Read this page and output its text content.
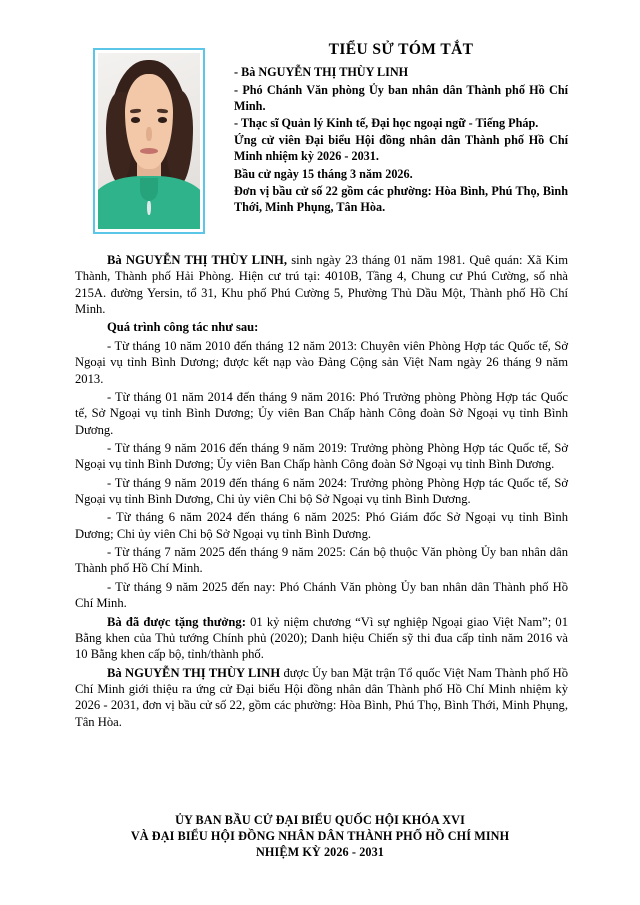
TIỂU SỬ TÓM TẮT

- Bà NGUYỄN THỊ THÙY LINH

- Phó Chánh Văn phòng Ủy ban nhân dân Thành phố Hồ Chí Minh.

- Thạc sĩ Quản lý Kinh tế, Đại học ngoại ngữ - Tiếng Pháp.

Ứng cử viên Đại biểu Hội đồng nhân dân Thành phố Hồ Chí Minh nhiệm kỳ 2026 - 2031.

Bầu cử ngày 15 tháng 3 năm 2026.

Đơn vị bầu cử số 22 gồm các phường: Hòa Bình, Phú Thọ, Bình Thới, Minh Phụng, Tân Hòa.

Bà NGUYỄN THỊ THÙY LINH, sinh ngày 23 tháng 01 năm 1981. Quê quán: Xã Kim Thành, Thành phố Hải Phòng. Hiện cư trú tại: 4010B, Tầng 4, Chung cư Phú Cường, số nhà 215A. đường Yersin, tổ 31, Khu phố Phú Cường 5, Phường Thủ Dầu Một, Thành phố Hồ Chí Minh.

Quá trình công tác như sau:

- Từ tháng 10 năm 2010 đến tháng 12 năm 2013: Chuyên viên Phòng Hợp tác Quốc tế, Sở Ngoại vụ tỉnh Bình Dương; được kết nạp vào Đảng Cộng sản Việt Nam ngày 26 tháng 9 năm 2013.

- Từ tháng 01 năm 2014 đến tháng 9 năm 2016: Phó Trưởng phòng Phòng Hợp tác Quốc tế, Sở Ngoại vụ tỉnh Bình Dương; Ủy viên Ban Chấp hành Công đoàn Sở Ngoại vụ tỉnh Bình Dương.

- Từ tháng 9 năm 2016 đến tháng 9 năm 2019: Trưởng phòng Phòng Hợp tác Quốc tế, Sở Ngoại vụ tỉnh Bình Dương; Ủy viên Ban Chấp hành Công đoàn Sở Ngoại vụ tỉnh Bình Dương.

- Từ tháng 9 năm 2019 đến tháng 6 năm 2024: Trưởng phòng Phòng Hợp tác Quốc tế, Sở Ngoại vụ tỉnh Bình Dương, Chi ủy viên Chi bộ Sở Ngoại vụ tỉnh Bình Dương.

- Từ tháng 6 năm 2024 đến tháng 6 năm 2025: Phó Giám đốc Sở Ngoại vụ tỉnh Bình Dương; Chi ủy viên Chi bộ Sở Ngoại vụ tỉnh Bình Dương.

- Từ tháng 7 năm 2025 đến tháng 9 năm 2025: Cán bộ thuộc Văn phòng Ủy ban nhân dân Thành phố Hồ Chí Minh.

- Từ tháng 9 năm 2025 đến nay: Phó Chánh Văn phòng Ủy ban nhân dân Thành phố Hồ Chí Minh.

Bà đã được tặng thưởng: 01 kỷ niệm chương “Vì sự nghiệp Ngoại giao Việt Nam”; 01 Bằng khen của Thủ tướng Chính phủ (2020); Danh hiệu Chiến sỹ thi đua cấp tỉnh năm 2016 và 10 Bằng khen cấp bộ, tỉnh/thành phố.

Bà NGUYỄN THỊ THÙY LINH được Ủy ban Mặt trận Tổ quốc Việt Nam Thành phố Hồ Chí Minh giới thiệu ra ứng cử Đại biểu Hội đồng nhân dân Thành phố Hồ Chí Minh nhiệm kỳ 2026 - 2031, đơn vị bầu cử số 22, gồm các phường: Hòa Bình, Phú Thọ, Bình Thới, Minh Phụng, Tân Hòa.

ỦY BAN BẦU CỬ ĐẠI BIỂU QUỐC HỘI KHÓA XVI

VÀ ĐẠI BIỂU HỘI ĐỒNG NHÂN DÂN THÀNH PHỐ HỒ CHÍ MINH

NHIỆM KỲ 2026 - 2031
